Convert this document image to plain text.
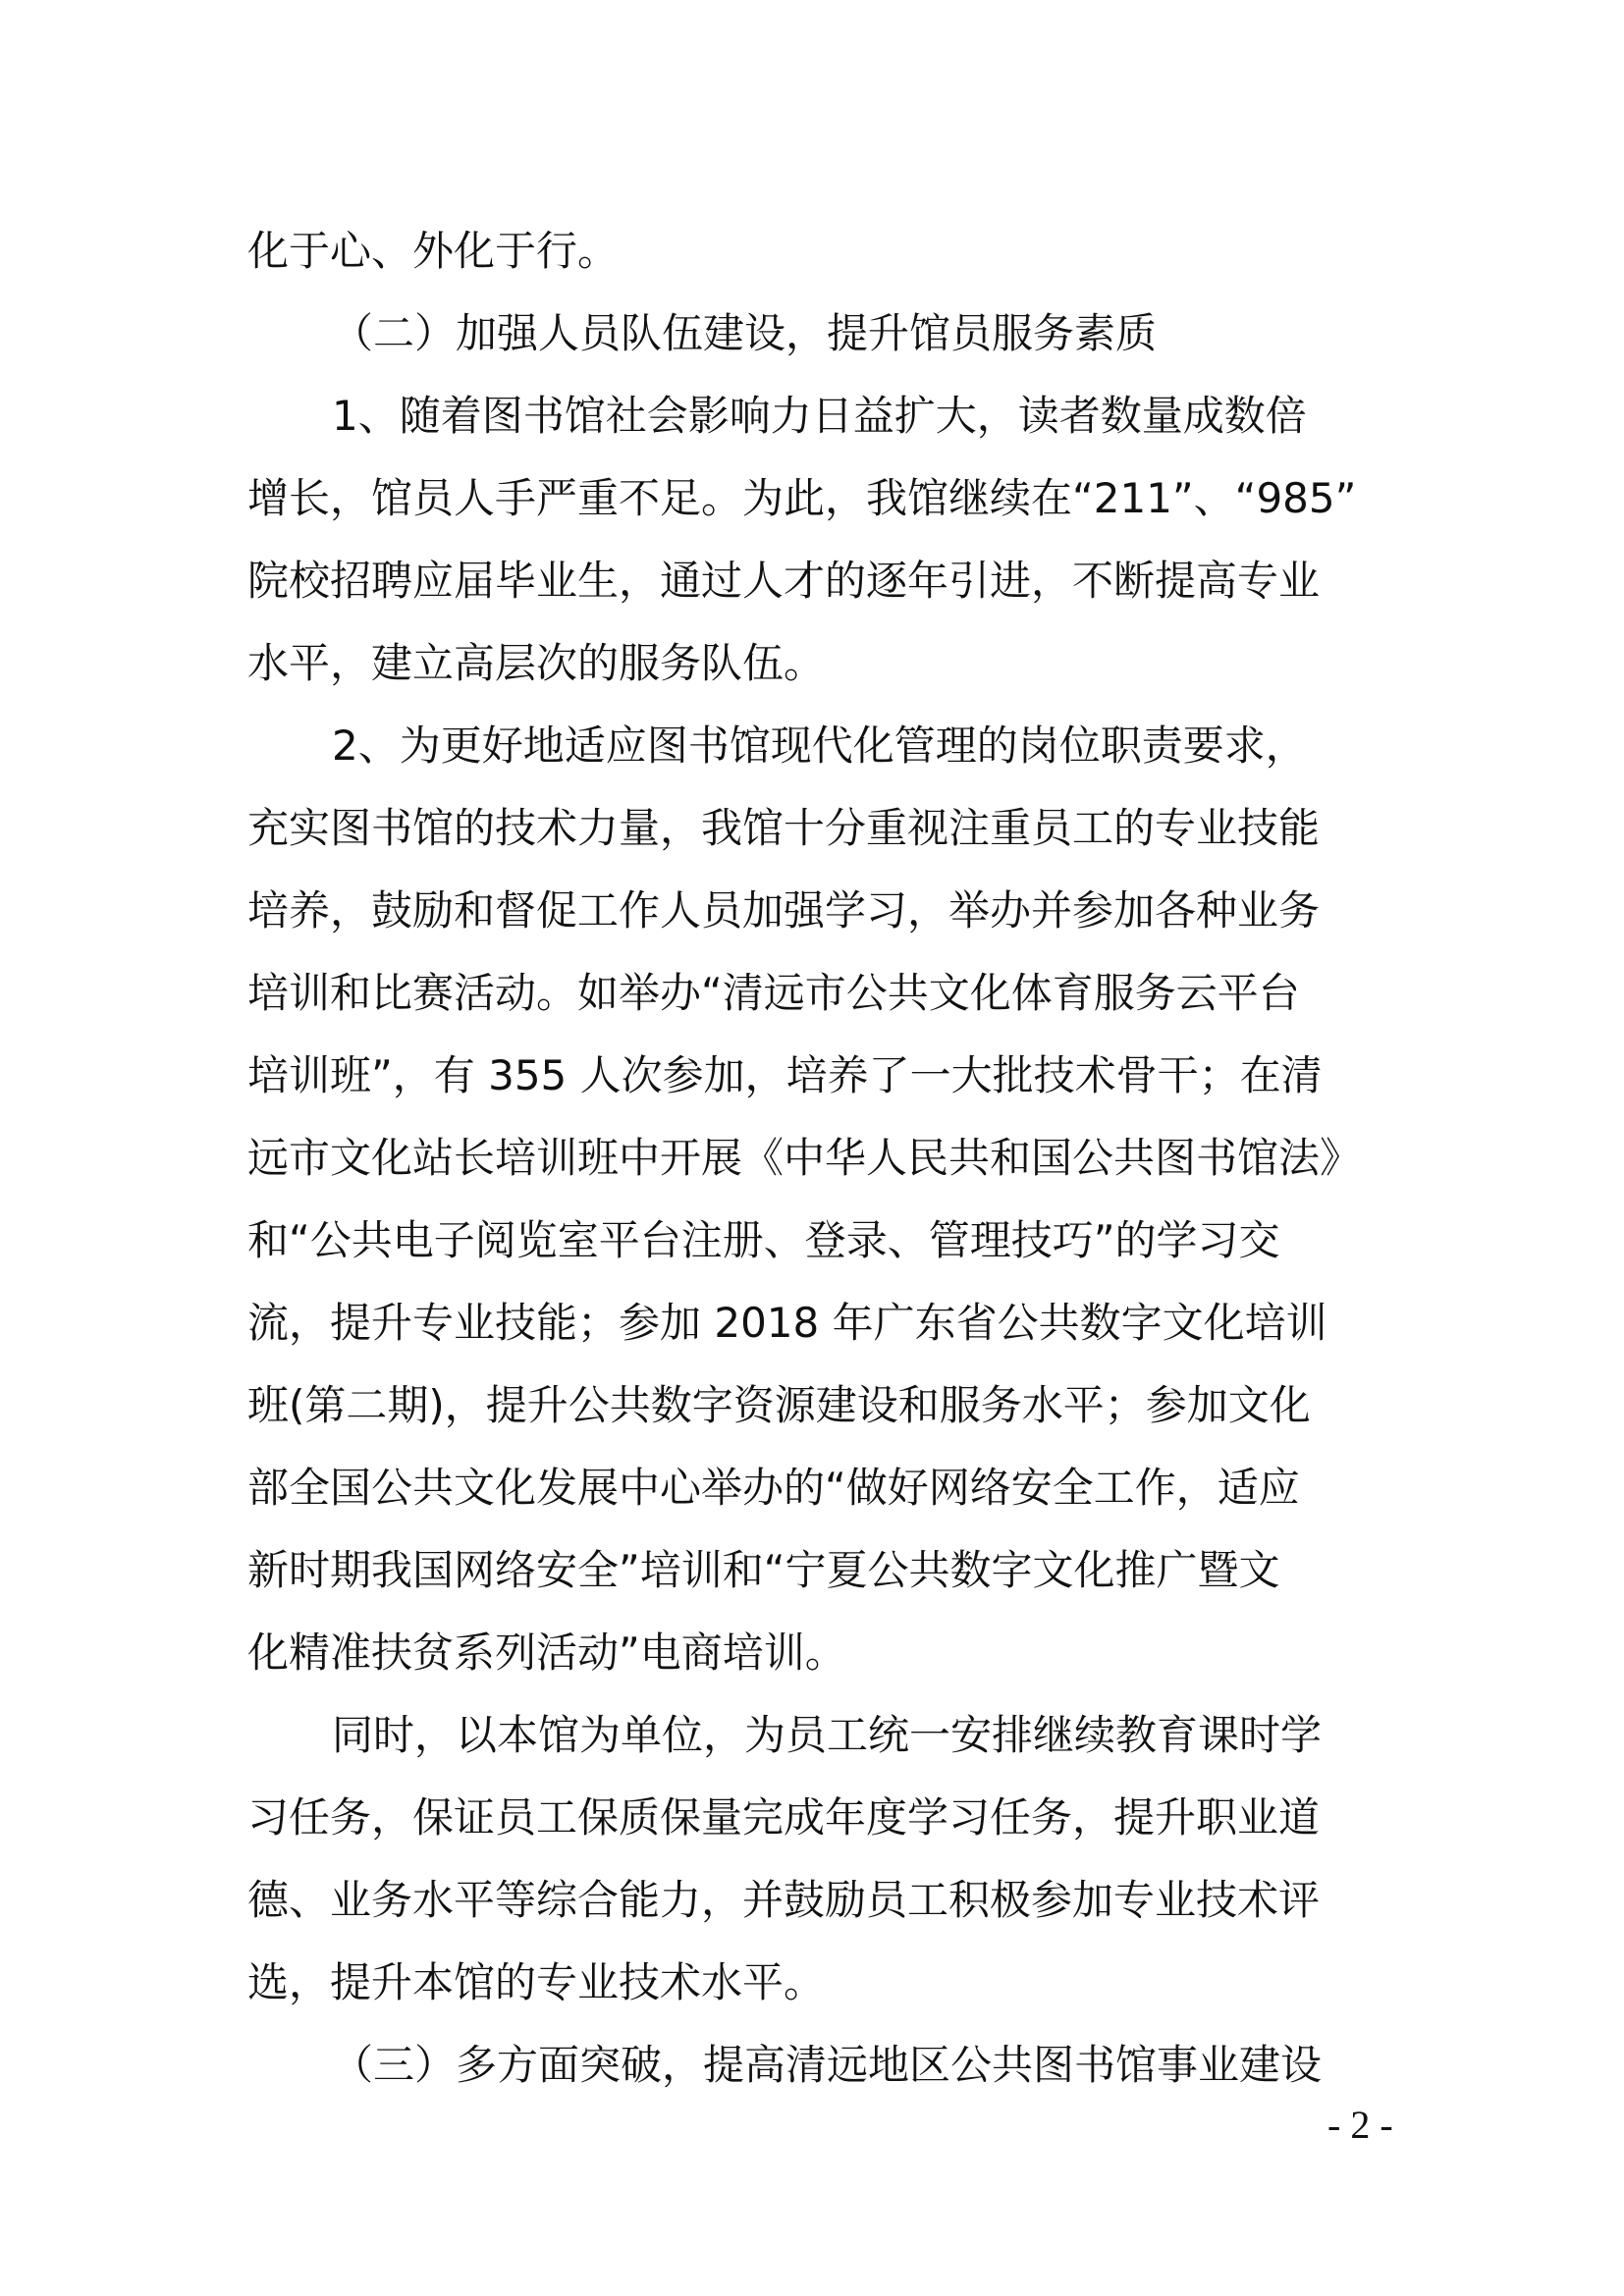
化于心、外化于行。
（二）加强人员队伍建设，提升馆员服务素质
1、随着图书馆社会影响力日益扩大，读者数量成数倍
增长，馆员人手严重不足。为此，我馆继续在“211”、“985”
院校招聘应届毕业生，通过人才的逐年引进，不断提高专业
水平，建立高层次的服务队伍。
2、为更好地适应图书馆现代化管理的岗位职责要求，
充实图书馆的技术力量，我馆十分重视注重员工的专业技能
培养，鼓励和督促工作人员加强学习，举办并参加各种业务
培训和比赛活动。如举办“清远市公共文化体育服务云平台
培训班”，有 355 人次参加，培养了一大批技术骨干；在清
远市文化站长培训班中开展《中华人民共和国公共图书馆法》
和“公共电子阅览室平台注册、登录、管理技巧”的学习交
流，提升专业技能；参加 2018 年广东省公共数字文化培训
班(第二期)，提升公共数字资源建设和服务水平；参加文化
部全国公共文化发展中心举办的“做好网络安全工作，适应
新时期我国网络安全”培训和“宁夏公共数字文化推广暨文
化精准扶贫系列活动”电商培训。
同时，以本馆为单位，为员工统一安排继续教育课时学
习任务，保证员工保质保量完成年度学习任务，提升职业道
德、业务水平等综合能力，并鼓励员工积极参加专业技术评
选，提升本馆的专业技术水平。
（三）多方面突破，提高清远地区公共图书馆事业建设
- 2 -
